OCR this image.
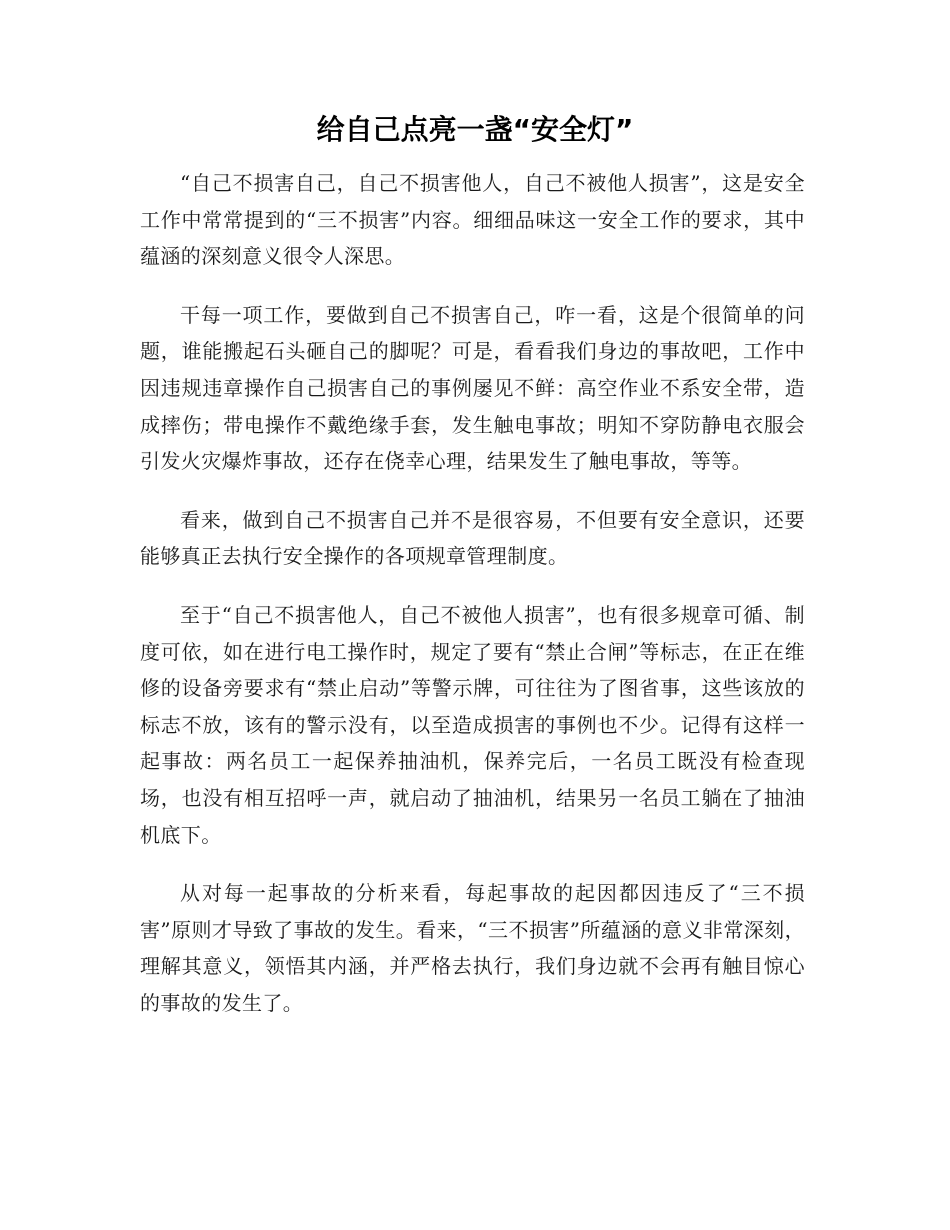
给自己点亮一盏“安全灯”

“自己不损害自己，自己不损害他人，自己不被他人损害”，这是安全工作中常常提到的“三不损害”内容。细细品味这一安全工作的要求，其中蕴涵的深刻意义很令人深思。

干每一项工作，要做到自己不损害自己，咋一看，这是个很简单的问题，谁能搬起石头砸自己的脚呢？可是，看看我们身边的事故吧，工作中因违规违章操作自己损害自己的事例屡见不鲜：高空作业不系安全带，造成摔伤；带电操作不戴绝缘手套，发生触电事故；明知不穿防静电衣服会引发火灾爆炸事故，还存在侥幸心理，结果发生了触电事故，等等。

看来，做到自己不损害自己并不是很容易，不但要有安全意识，还要能够真正去执行安全操作的各项规章管理制度。

至于“自己不损害他人，自己不被他人损害”，也有很多规章可循、制度可依，如在进行电工操作时，规定了要有“禁止合闸”等标志，在正在维修的设备旁要求有“禁止启动”等警示牌，可往往为了图省事，这些该放的标志不放，该有的警示没有，以至造成损害的事例也不少。记得有这样一起事故：两名员工一起保养抽油机，保养完后，一名员工既没有检查现场，也没有相互招呼一声，就启动了抽油机，结果另一名员工躺在了抽油机底下。

从对每一起事故的分析来看，每起事故的起因都因违反了“三不损害”原则才导致了事故的发生。看来，“三不损害”所蕴涵的意义非常深刻，理解其意义，领悟其内涵，并严格去执行，我们身边就不会再有触目惊心的事故的发生了。
